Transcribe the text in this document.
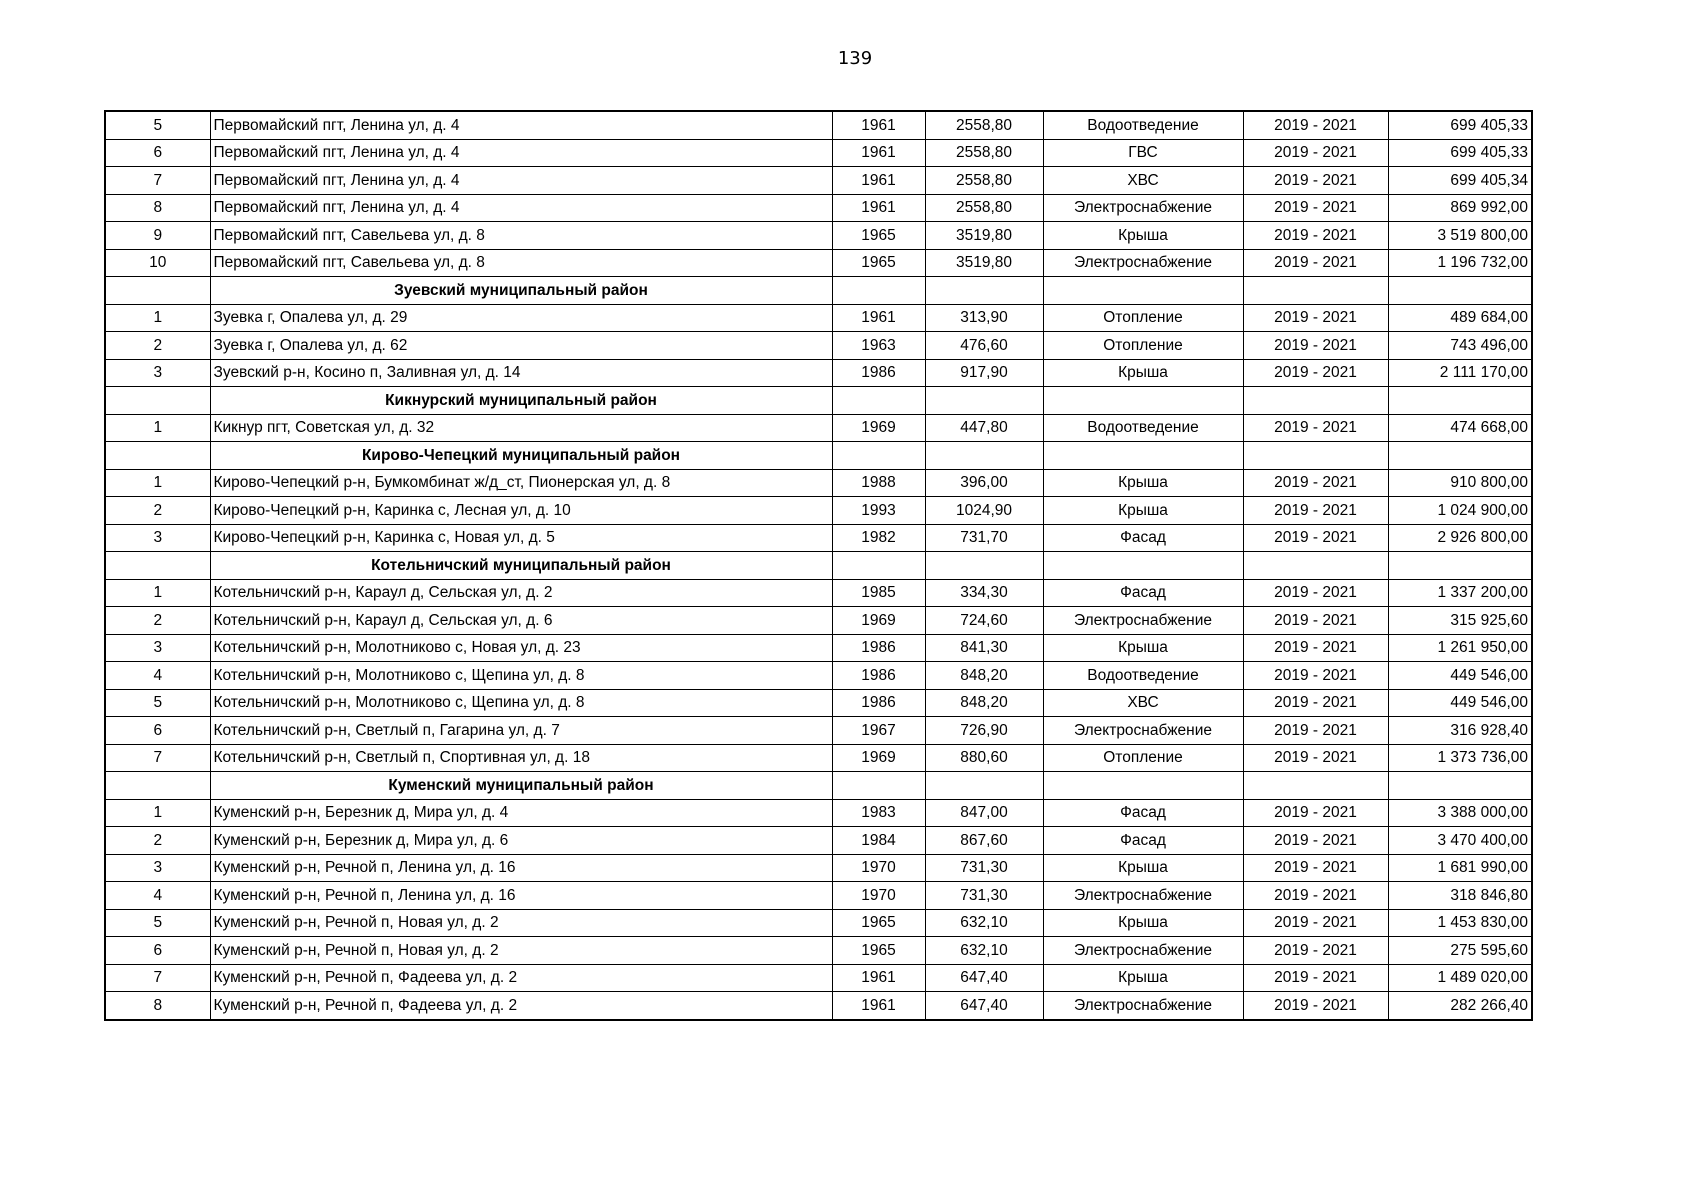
139
5	Первомайский пгт, Ленина ул, д. 4	1961	2558,80	Водоотведение	2019 - 2021	699 405,33
6	Первомайский пгт, Ленина ул, д. 4	1961	2558,80	ГВС	2019 - 2021	699 405,33
7	Первомайский пгт, Ленина ул, д. 4	1961	2558,80	ХВС	2019 - 2021	699 405,34
8	Первомайский пгт, Ленина ул, д. 4	1961	2558,80	Электроснабжение	2019 - 2021	869 992,00
9	Первомайский пгт, Савельева ул, д. 8	1965	3519,80	Крыша	2019 - 2021	3 519 800,00
10	Первомайский пгт, Савельева ул, д. 8	1965	3519,80	Электроснабжение	2019 - 2021	1 196 732,00
	Зуевский муниципальный район					
1	Зуевка г, Опалева ул, д. 29	1961	313,90	Отопление	2019 - 2021	489 684,00
2	Зуевка г, Опалева ул, д. 62	1963	476,60	Отопление	2019 - 2021	743 496,00
3	Зуевский р-н, Косино п, Заливная ул, д. 14	1986	917,90	Крыша	2019 - 2021	2 111 170,00
	Кикнурский муниципальный район					
1	Кикнур пгт, Советская ул, д. 32	1969	447,80	Водоотведение	2019 - 2021	474 668,00
	Кирово-Чепецкий муниципальный район					
1	Кирово-Чепецкий р-н, Бумкомбинат ж/д_ст, Пионерская ул, д. 8	1988	396,00	Крыша	2019 - 2021	910 800,00
2	Кирово-Чепецкий р-н, Каринка с, Лесная ул, д. 10	1993	1024,90	Крыша	2019 - 2021	1 024 900,00
3	Кирово-Чепецкий р-н, Каринка с, Новая ул, д. 5	1982	731,70	Фасад	2019 - 2021	2 926 800,00
	Котельничский муниципальный район					
1	Котельничский р-н, Караул д, Сельская ул, д. 2	1985	334,30	Фасад	2019 - 2021	1 337 200,00
2	Котельничский р-н, Караул д, Сельская ул, д. 6	1969	724,60	Электроснабжение	2019 - 2021	315 925,60
3	Котельничский р-н, Молотниково с, Новая ул, д. 23	1986	841,30	Крыша	2019 - 2021	1 261 950,00
4	Котельничский р-н, Молотниково с, Щепина ул, д. 8	1986	848,20	Водоотведение	2019 - 2021	449 546,00
5	Котельничский р-н, Молотниково с, Щепина ул, д. 8	1986	848,20	ХВС	2019 - 2021	449 546,00
6	Котельничский р-н, Светлый п, Гагарина ул, д. 7	1967	726,90	Электроснабжение	2019 - 2021	316 928,40
7	Котельничский р-н, Светлый п, Спортивная ул, д. 18	1969	880,60	Отопление	2019 - 2021	1 373 736,00
	Куменский муниципальный район					
1	Куменский р-н, Березник д, Мира ул, д. 4	1983	847,00	Фасад	2019 - 2021	3 388 000,00
2	Куменский р-н, Березник д, Мира ул, д. 6	1984	867,60	Фасад	2019 - 2021	3 470 400,00
3	Куменский р-н, Речной п, Ленина ул, д. 16	1970	731,30	Крыша	2019 - 2021	1 681 990,00
4	Куменский р-н, Речной п, Ленина ул, д. 16	1970	731,30	Электроснабжение	2019 - 2021	318 846,80
5	Куменский р-н, Речной п, Новая ул, д. 2	1965	632,10	Крыша	2019 - 2021	1 453 830,00
6	Куменский р-н, Речной п, Новая ул, д. 2	1965	632,10	Электроснабжение	2019 - 2021	275 595,60
7	Куменский р-н, Речной п, Фадеева ул, д. 2	1961	647,40	Крыша	2019 - 2021	1 489 020,00
8	Куменский р-н, Речной п, Фадеева ул, д. 2	1961	647,40	Электроснабжение	2019 - 2021	282 266,40
